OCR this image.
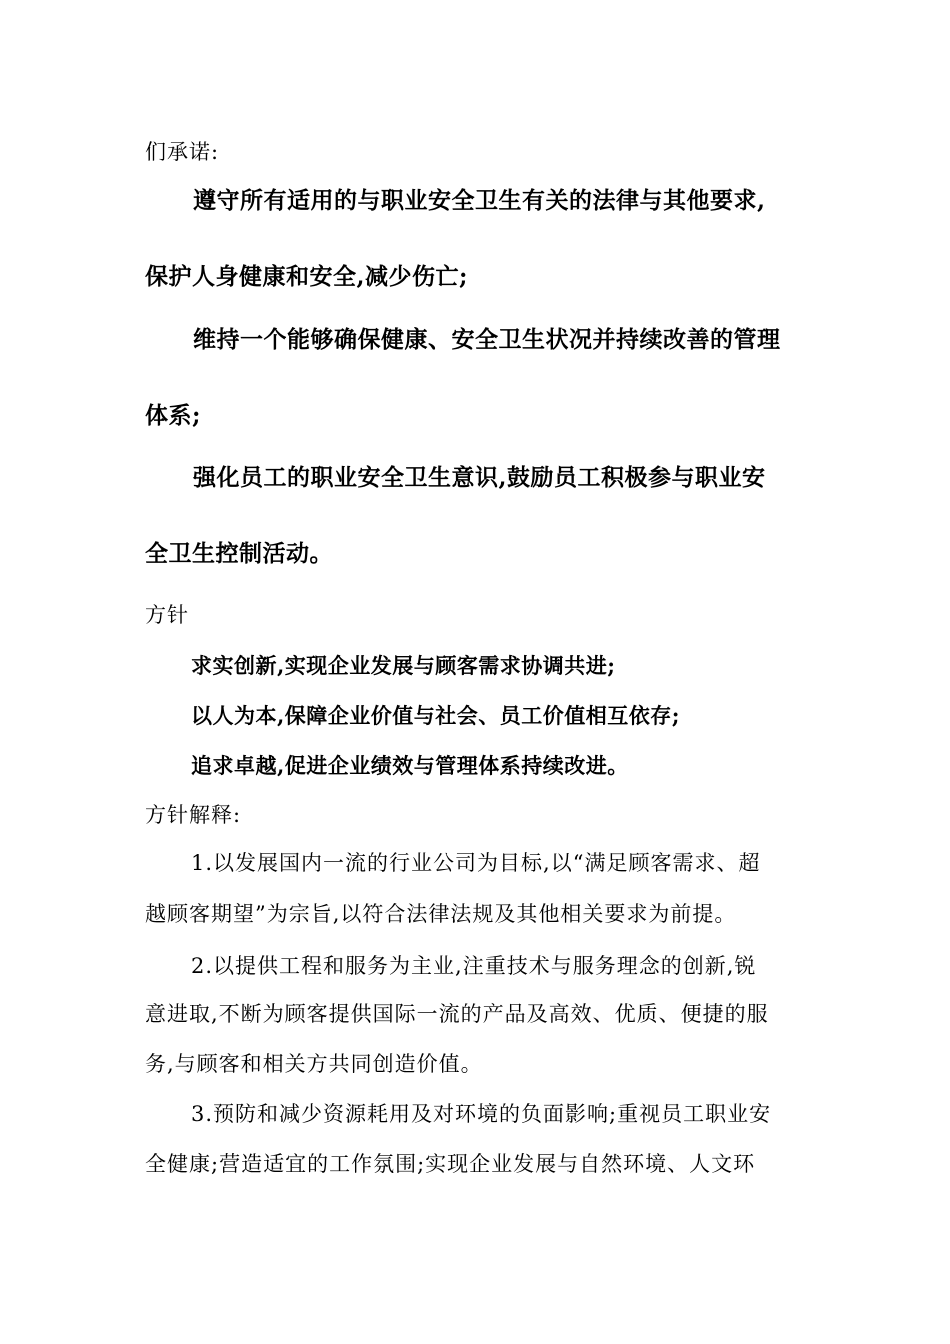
们承诺:
遵守所有适用的与职业安全卫生有关的法律与其他要求,
保护人身健康和安全,减少伤亡;
维持一个能够确保健康、安全卫生状况并持续改善的管理
体系;
强化员工的职业安全卫生意识,鼓励员工积极参与职业安
全卫生控制活动。
方针
求实创新,实现企业发展与顾客需求协调共进;
以人为本,保障企业价值与社会、员工价值相互依存;
追求卓越,促进企业绩效与管理体系持续改进。
方针解释:
1.以发展国内一流的行业公司为目标,以“满足顾客需求、超
越顾客期望”为宗旨,以符合法律法规及其他相关要求为前提。
2.以提供工程和服务为主业,注重技术与服务理念的创新,锐
意进取,不断为顾客提供国际一流的产品及高效、优质、便捷的服
务,与顾客和相关方共同创造价值。
3.预防和减少资源耗用及对环境的负面影响;重视员工职业安
全健康;营造适宜的工作氛围;实现企业发展与自然环境、人文环
